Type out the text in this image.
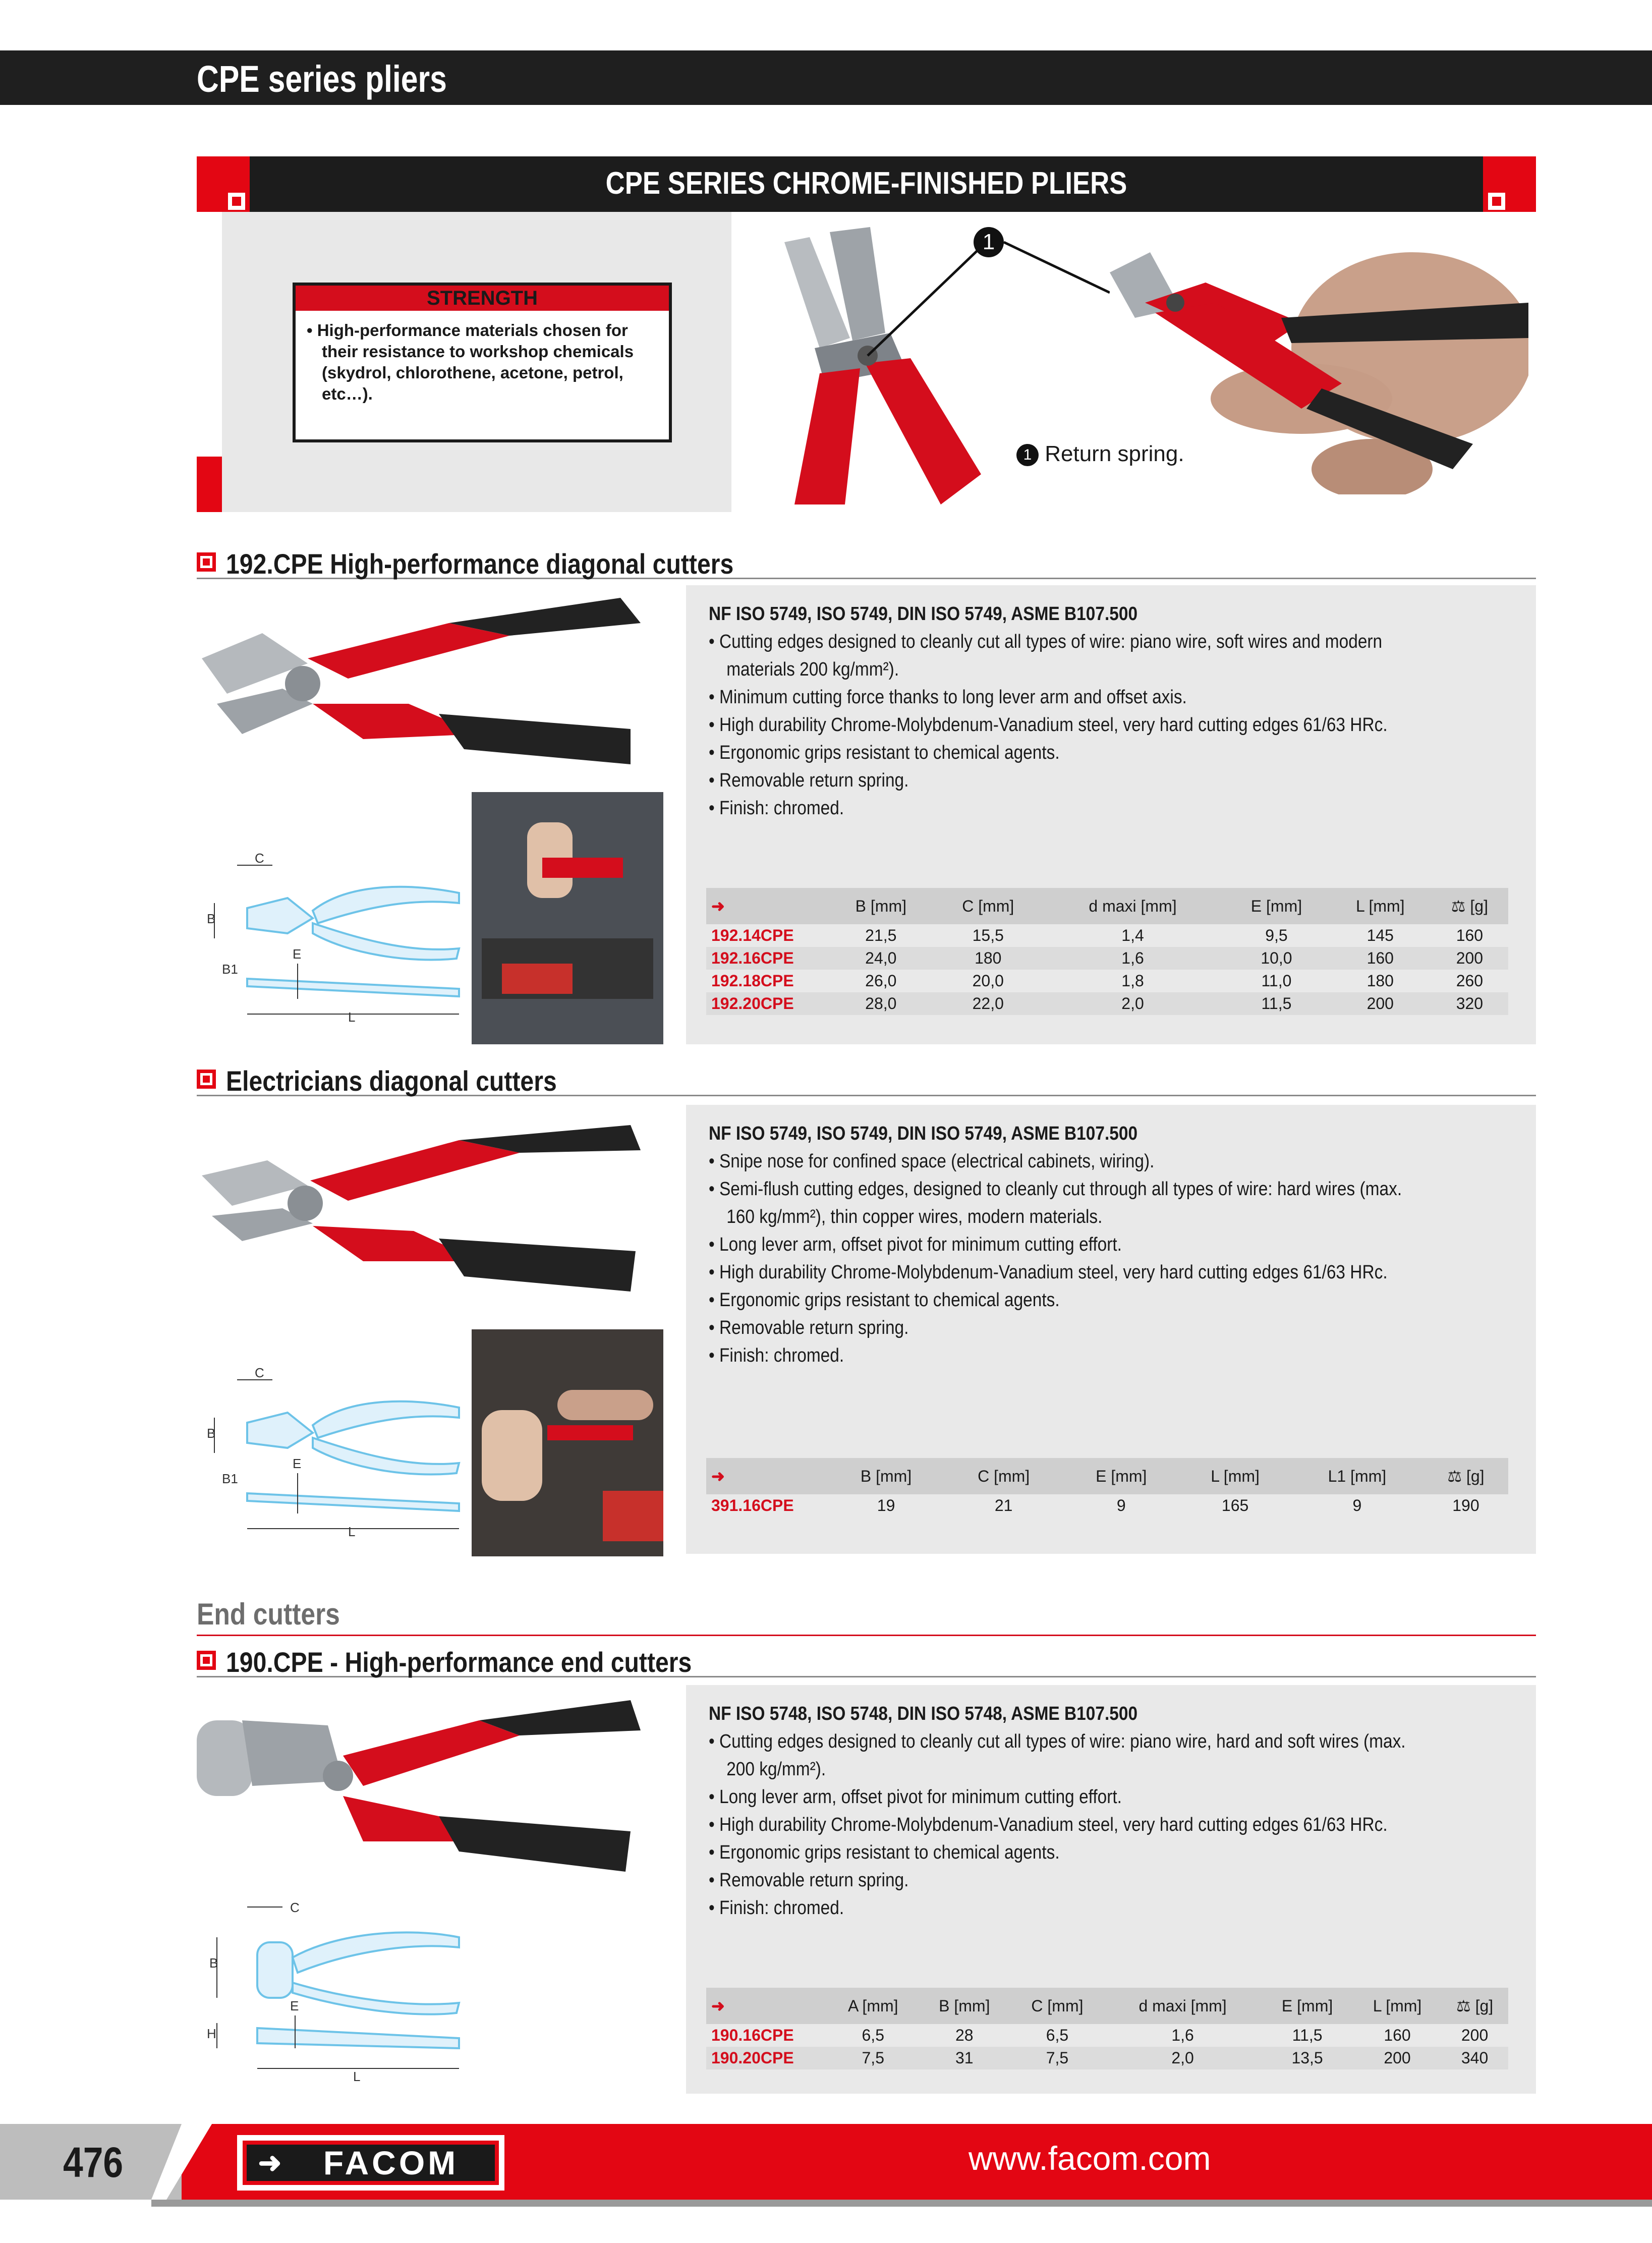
CPE series pliers
CPE SERIES CHROME-FINISHED PLIERS
STRENGTH
• High-performance materials chosen for
their resistance to workshop chemicals
(skydrol, chlorothene, acetone, petrol,
etc…).
1
1 Return spring.
192.CPE High-performance diagonal cutters
C
B
B1
E
L
NF ISO 5749, ISO 5749, DIN ISO 5749, ASME B107.500
• Cutting edges designed to cleanly cut all types of wire: piano wire, soft wires and modern
materials 200 kg/mm²).
• Minimum cutting force thanks to long lever arm and offset axis.
• High durability Chrome-Molybdenum-Vanadium steel, very hard cutting edges 61/63 HRc.
• Ergonomic grips resistant to chemical agents.
• Removable return spring.
• Finish: chromed.
➜	B [mm]	C [mm]	d maxi [mm]	E [mm]	L [mm]	⚖ [g]
192.14CPE	21,5	15,5	1,4	9,5	145	160
192.16CPE	24,0	180	1,6	10,0	160	200
192.18CPE	26,0	20,0	1,8	11,0	180	260
192.20CPE	28,0	22,0	2,0	11,5	200	320
Electricians diagonal cutters
C
B
B1
E
L
NF ISO 5749, ISO 5749, DIN ISO 5749, ASME B107.500
• Snipe nose for confined space (electrical cabinets, wiring).
• Semi-flush cutting edges, designed to cleanly cut through all types of wire: hard wires (max.
160 kg/mm²), thin copper wires, modern materials.
• Long lever arm, offset pivot for minimum cutting effort.
• High durability Chrome-Molybdenum-Vanadium steel, very hard cutting edges 61/63 HRc.
• Ergonomic grips resistant to chemical agents.
• Removable return spring.
• Finish: chromed.
➜	B [mm]	C [mm]	E [mm]	L [mm]	L1 [mm]	⚖ [g]
391.16CPE	19	21	9	165	9	190
End cutters
190.CPE - High-performance end cutters
C
B
E
H
L
NF ISO 5748, ISO 5748, DIN ISO 5748, ASME B107.500
• Cutting edges designed to cleanly cut all types of wire: piano wire, hard and soft wires (max.
200 kg/mm²).
• Long lever arm, offset pivot for minimum cutting effort.
• High durability Chrome-Molybdenum-Vanadium steel, very hard cutting edges 61/63 HRc.
• Ergonomic grips resistant to chemical agents.
• Removable return spring.
• Finish: chromed.
➜	A [mm]	B [mm]	C [mm]	d maxi [mm]	E [mm]	L [mm]	⚖ [g]
190.16CPE	6,5	28	6,5	1,6	11,5	160	200
190.20CPE	7,5	31	7,5	2,0	13,5	200	340
476	➜	FACOM	www.facom.com
